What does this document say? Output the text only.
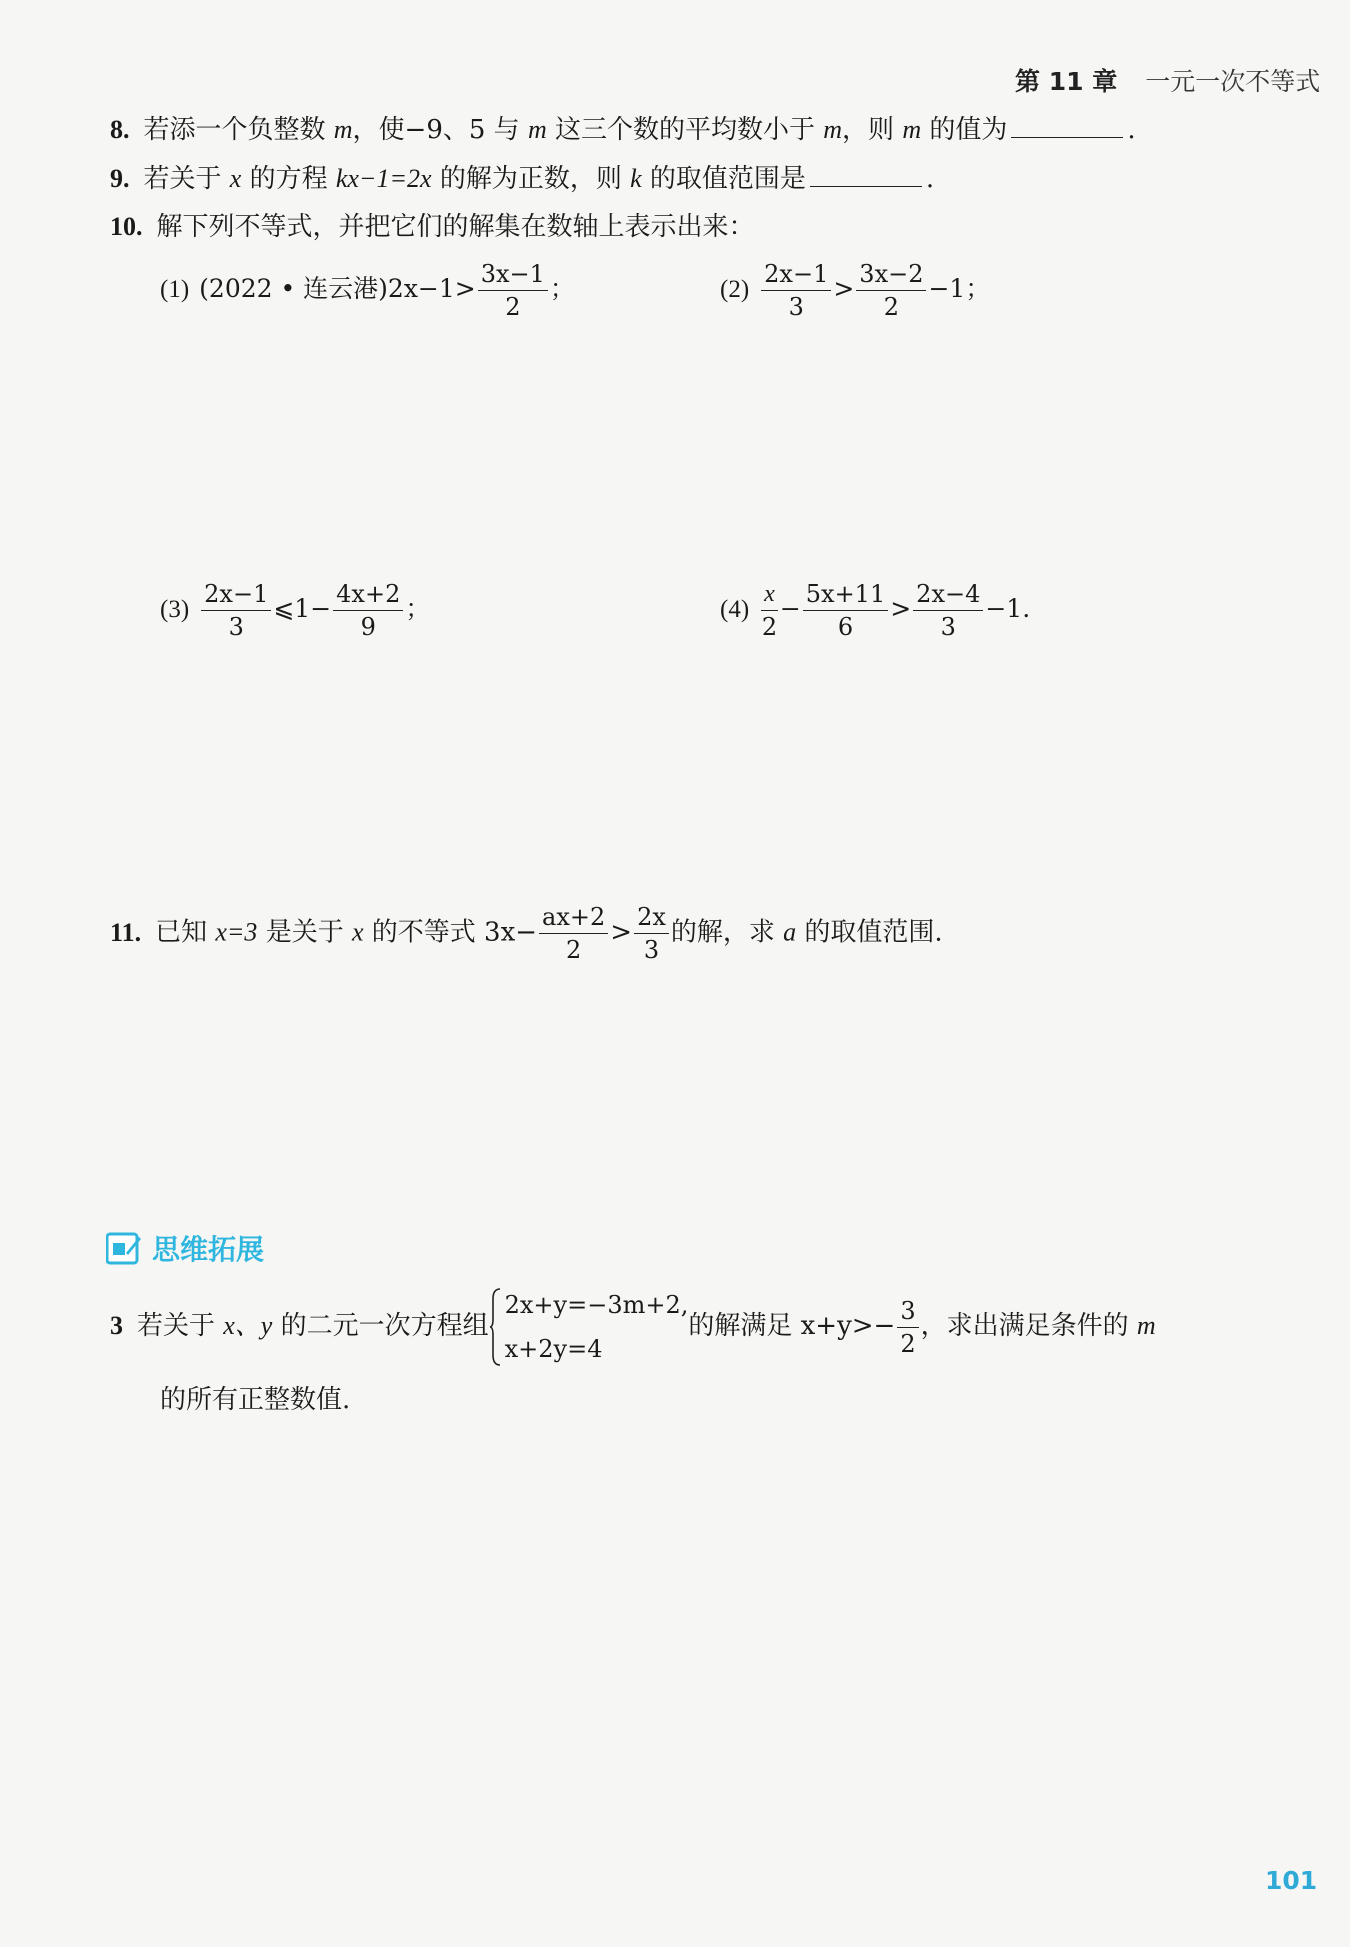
第 11 章 一元一次不等式
8. 若添一个负整数 m，使−9、5 与 m 这三个数的平均数小于 m，则 m 的值为	.
9. 若关于 x 的方程 kx−1=2x 的解为正数，则 k 的取值范围是	.
10. 解下列不等式，并把它们的解集在数轴上表示出来：
(1) (2022 • 连云港)$2x-1> \frac{3x-1}{2}$ ；	$(2) \frac{2x-1}{3} > \frac{3x-2}{2} -1$；
$(3) \frac{2x-1}{3}$ ⩽1− $\frac{4x+2}{9}$ ；	$(4) \frac{x}{2} - \frac{5x+11}{6} > \frac{2x-4}{3} -1$.
11. 已知 x=3 是关于 x 的不等式 $3x- \frac{ax+2}{2} > \frac{2x}{3}$ 的解，求 a 的取值范围.
思维拓展
3 若关于 x、y 的二元一次方程组
2x+y=−3m+2,
x+2y=4
的解满足 $x+y>- \frac{3}{2}$ ，求出满足条件的 m
的所有正整数值.
101
